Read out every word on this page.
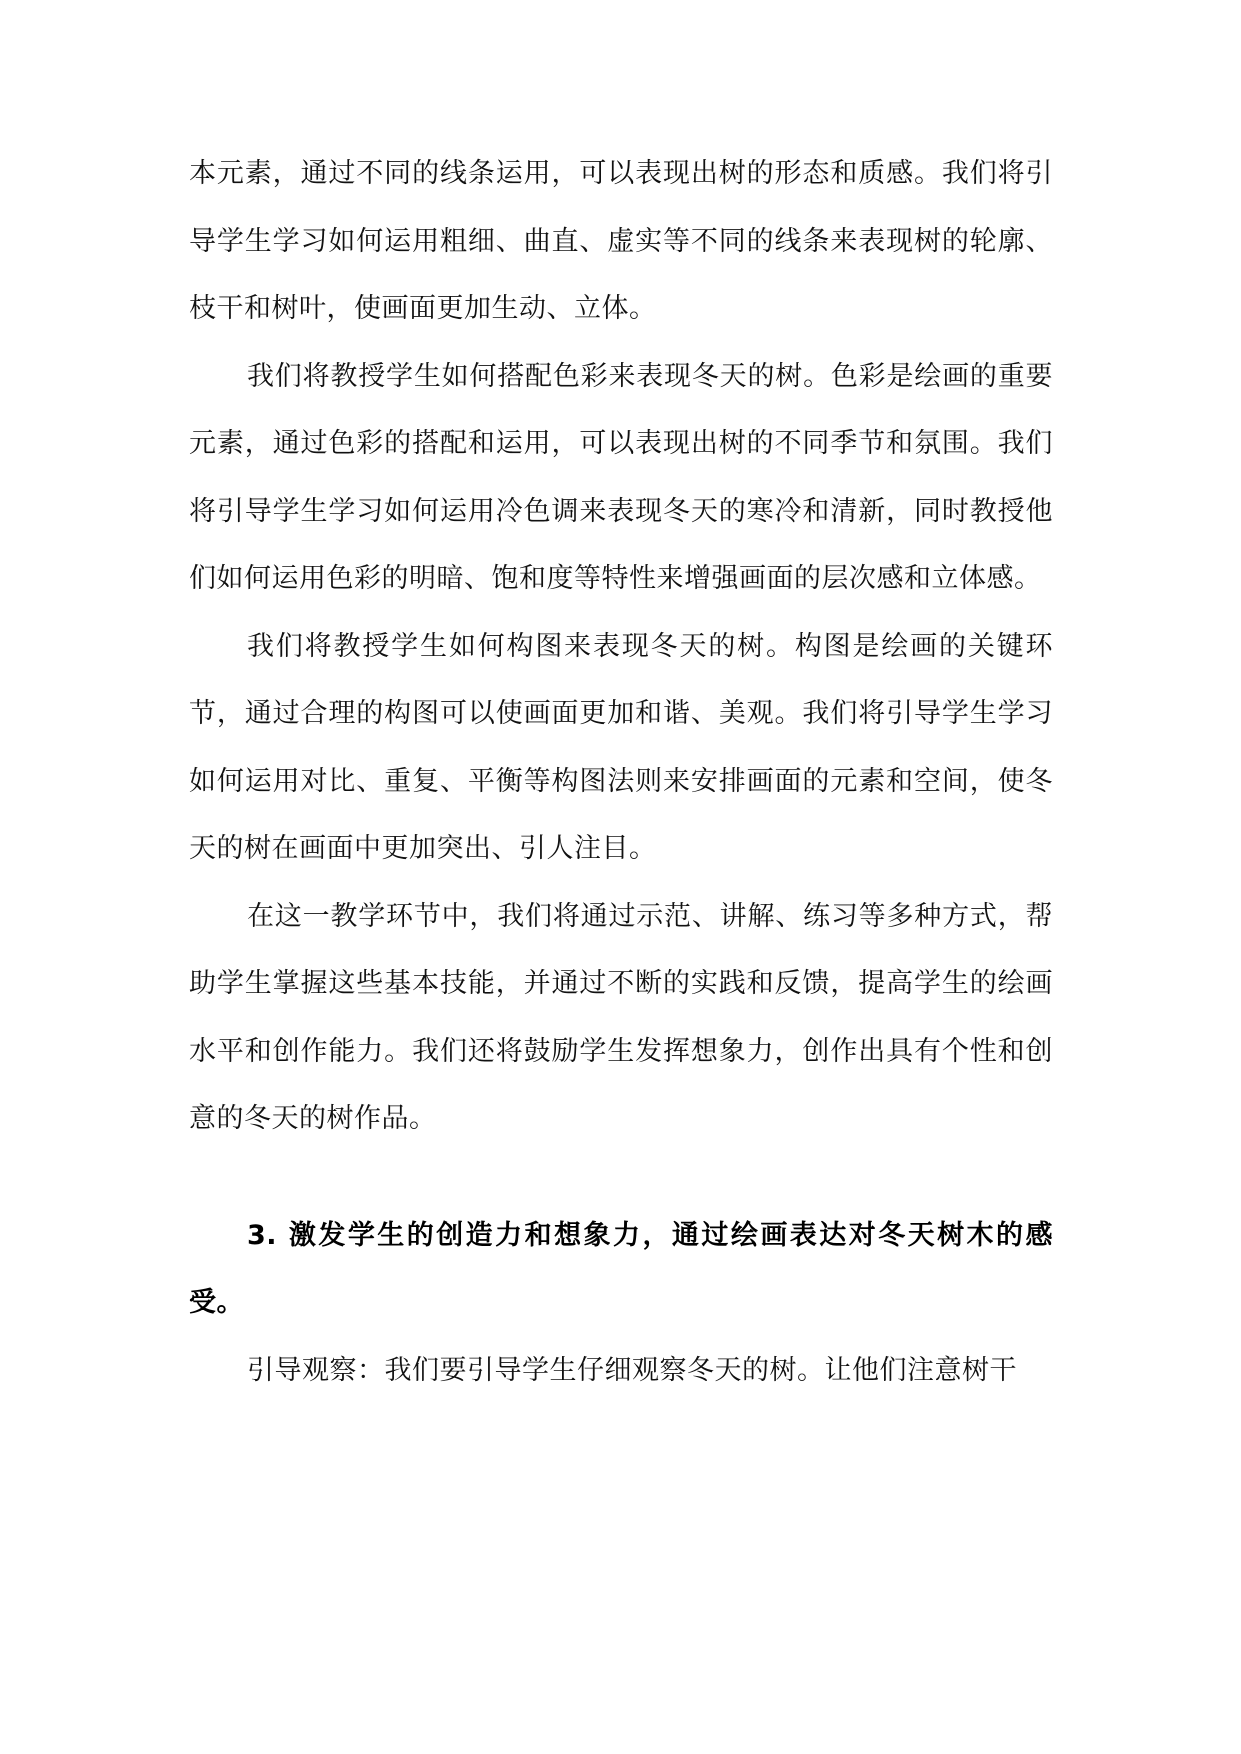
本元素，通过不同的线条运用，可以表现出树的形态和质感。我们将引导学生学习如何运用粗细、曲直、虚实等不同的线条来表现树的轮廓、枝干和树叶，使画面更加生动、立体。

我们将教授学生如何搭配色彩来表现冬天的树。色彩是绘画的重要元素，通过色彩的搭配和运用，可以表现出树的不同季节和氛围。我们将引导学生学习如何运用冷色调来表现冬天的寒冷和清新，同时教授他们如何运用色彩的明暗、饱和度等特性来增强画面的层次感和立体感。

我们将教授学生如何构图来表现冬天的树。构图是绘画的关键环节，通过合理的构图可以使画面更加和谐、美观。我们将引导学生学习如何运用对比、重复、平衡等构图法则来安排画面的元素和空间，使冬天的树在画面中更加突出、引人注目。

在这一教学环节中，我们将通过示范、讲解、练习等多种方式，帮助学生掌握这些基本技能，并通过不断的实践和反馈，提高学生的绘画水平和创作能力。我们还将鼓励学生发挥想象力，创作出具有个性和创意的冬天的树作品。

3. 激发学生的创造力和想象力，通过绘画表达对冬天树木的感受。

引导观察：我们要引导学生仔细观察冬天的树。让他们注意树干
